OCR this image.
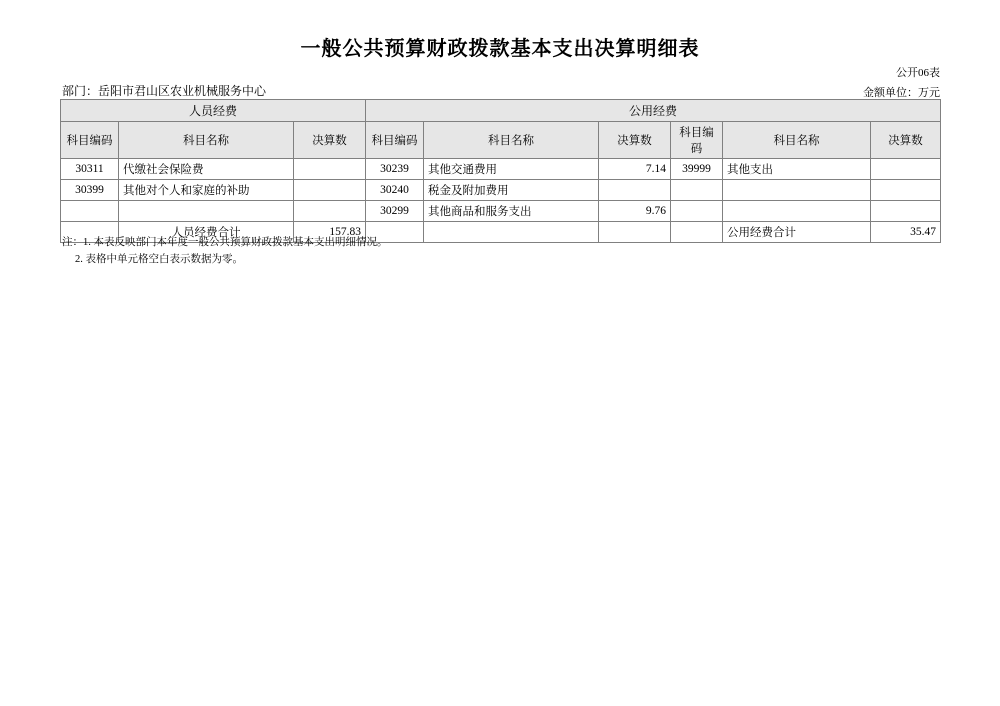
一般公共预算财政拨款基本支出决算明细表
公开06表
金额单位：万元
部门：岳阳市君山区农业机械服务中心
人员经费			公用经费					
科目编码	科目名称	决算数	科目编码	科目名称	决算数	科目编码	科目名称	决算数
30311	代缴社会保险费		30239	其他交通费用	7.14	39999	其他支出	
30399	其他对个人和家庭的补助		30240	税金及附加费用				
			30299	其他商品和服务支出	9.76			
	人员经费合计	157.83					公用经费合计	35.47
注：1. 本表反映部门本年度一般公共预算财政拨款基本支出明细情况。
2. 表格中单元格空白表示数据为零。
